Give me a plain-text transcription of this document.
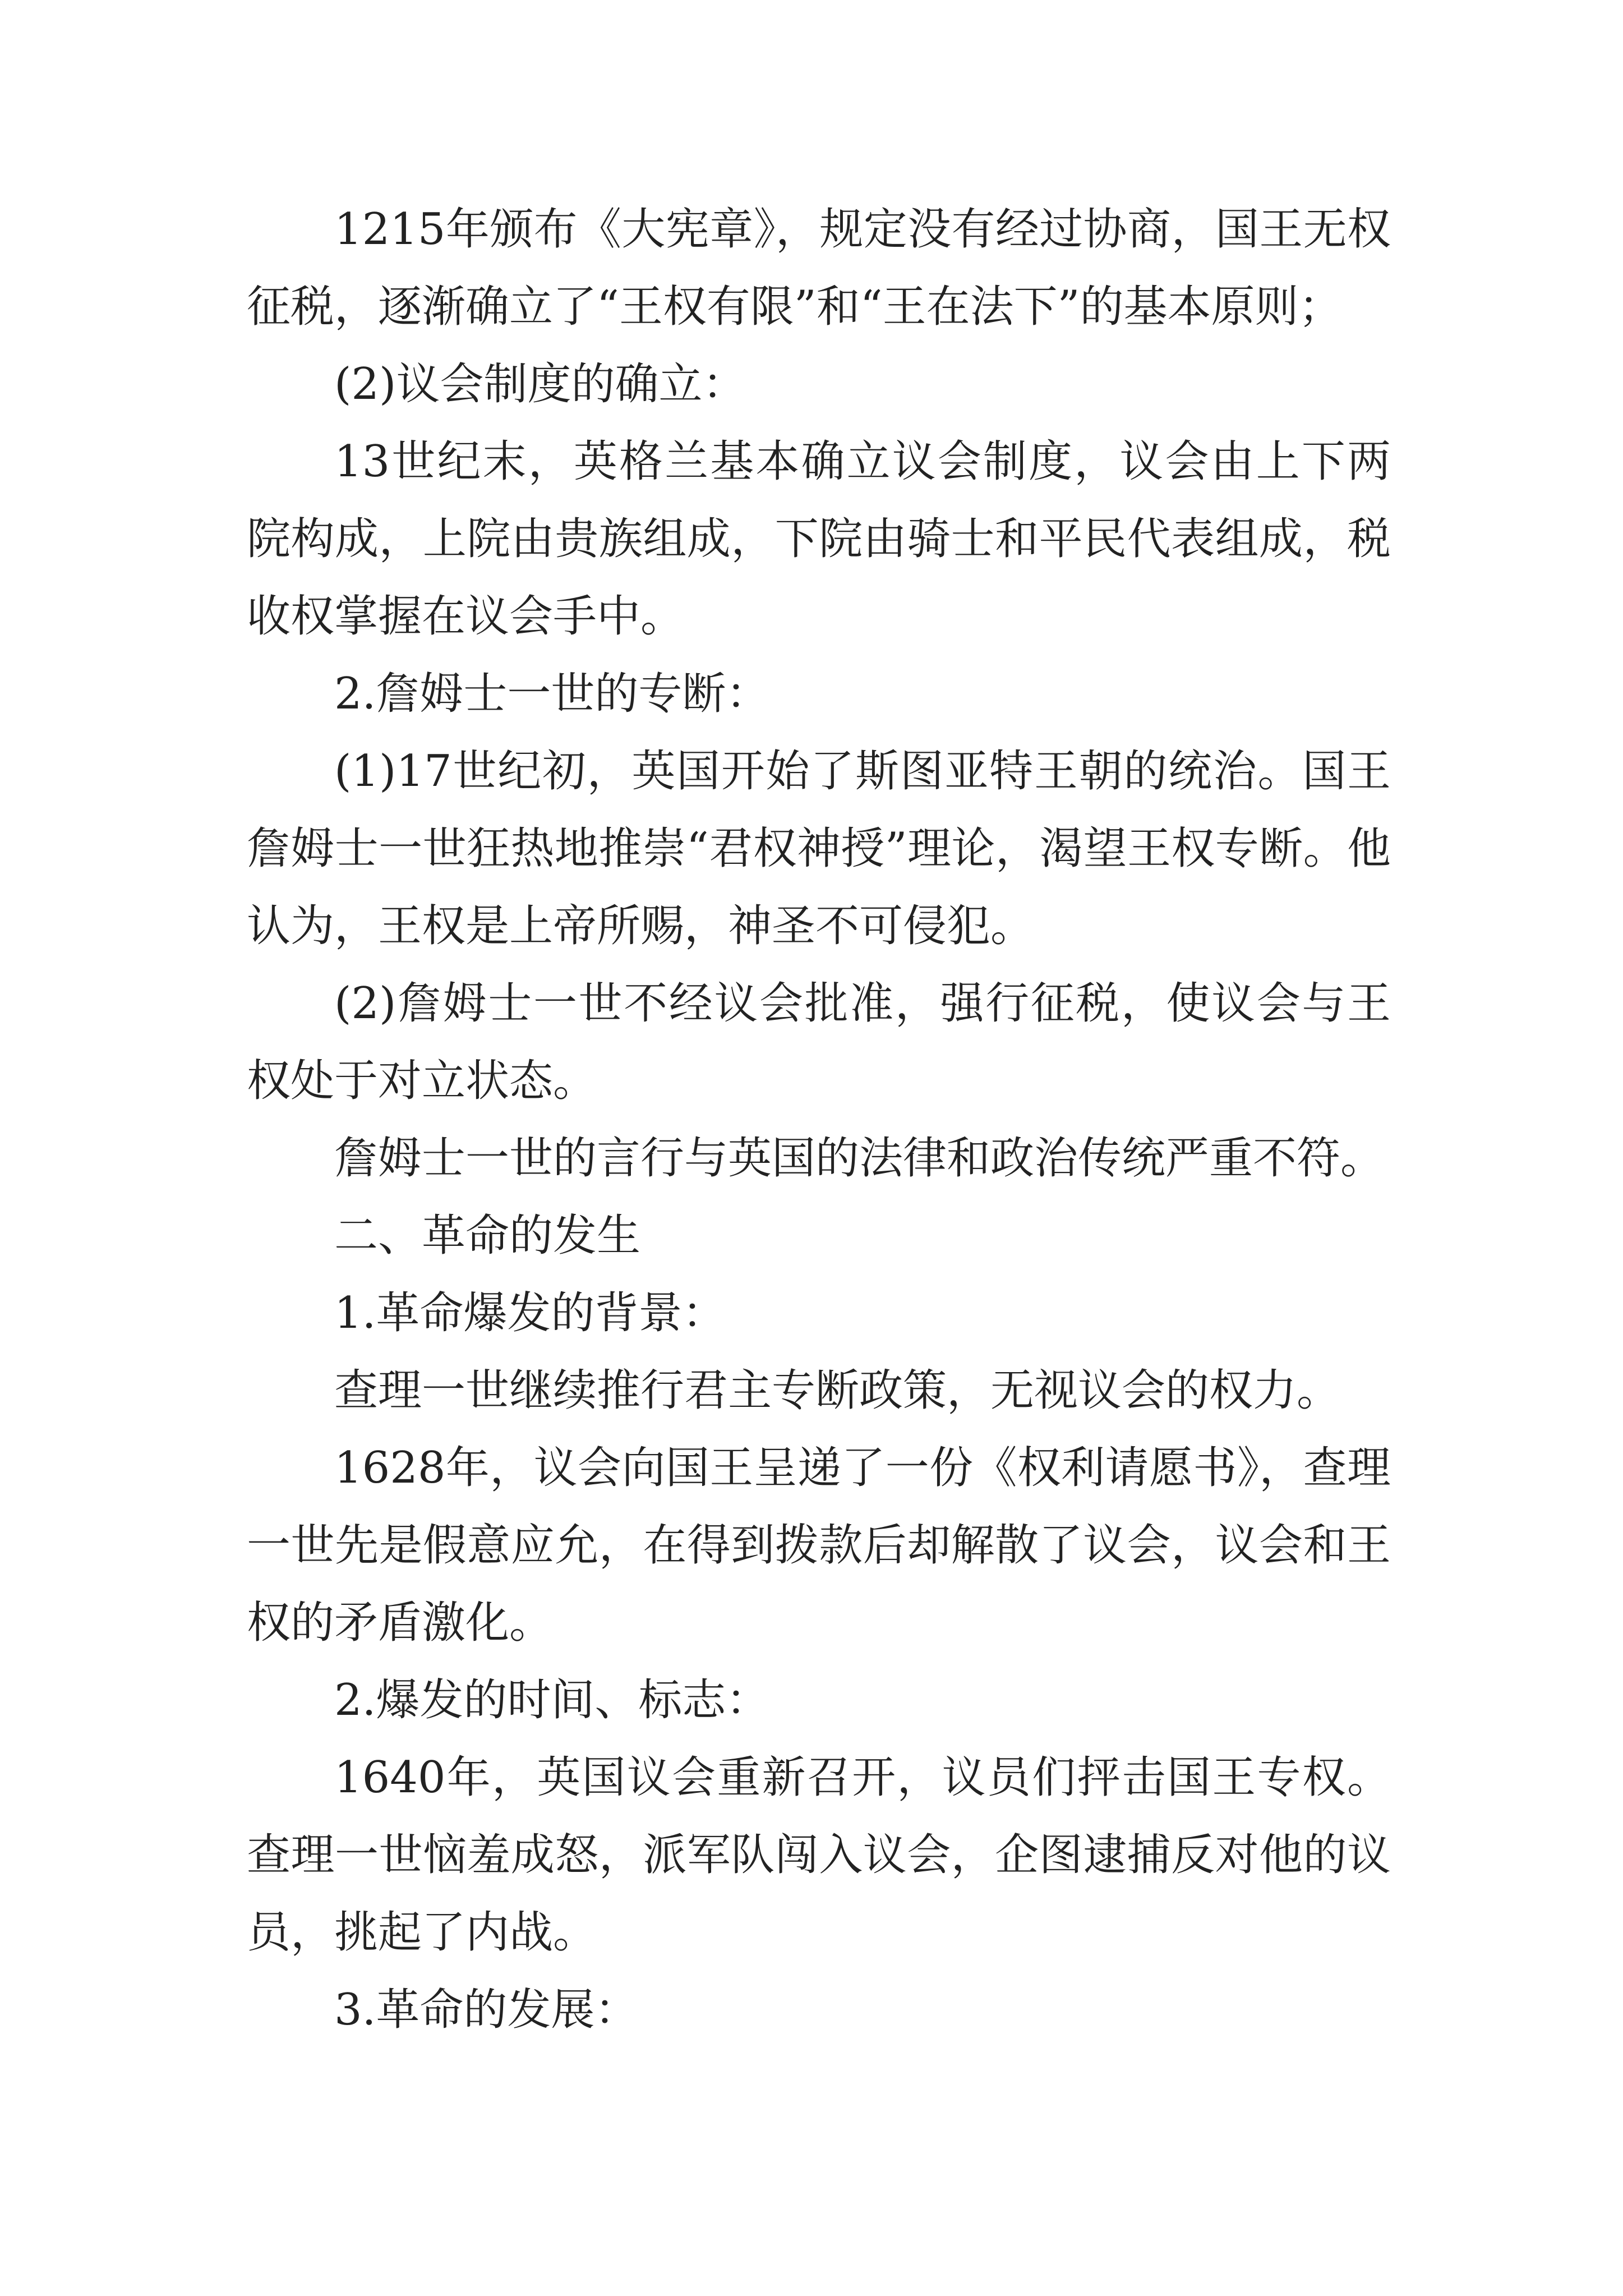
1215年颁布《大宪章》，规定没有经过协商，国王无权征税，逐渐确立了“王权有限”和“王在法下”的基本原则；

(2)议会制度的确立：

13世纪末，英格兰基本确立议会制度，议会由上下两院构成，上院由贵族组成，下院由骑士和平民代表组成，税收权掌握在议会手中。

2.詹姆士一世的专断：

(1)17世纪初，英国开始了斯图亚特王朝的统治。国王詹姆士一世狂热地推崇“君权神授”理论，渴望王权专断。他认为，王权是上帝所赐，神圣不可侵犯。

(2)詹姆士一世不经议会批准，强行征税，使议会与王权处于对立状态。

詹姆士一世的言行与英国的法律和政治传统严重不符。

二、革命的发生

1.革命爆发的背景：

查理一世继续推行君主专断政策，无视议会的权力。

1628年，议会向国王呈递了一份《权利请愿书》，查理一世先是假意应允，在得到拨款后却解散了议会，议会和王权的矛盾激化。

2.爆发的时间、标志：

1640年，英国议会重新召开，议员们抨击国王专权。查理一世恼羞成怒，派军队闯入议会，企图逮捕反对他的议员，挑起了内战。

3.革命的发展：
